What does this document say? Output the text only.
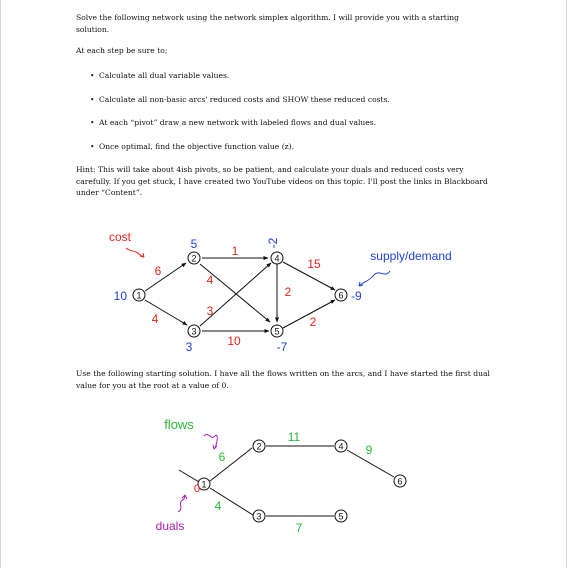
Solve the following network using the network simplex algorithm. I will provide you with a starting solution.

At each step be sure to;

• Calculate all dual variable values.
• Calculate all non-basic arcs' reduced costs and SHOW these reduced costs.
• At each “pivot” draw a new network with labeled flows and dual values.
• Once optimal, find the objective function value (z).

Hint: This will take about 4ish pivots, so be patient, and calculate your duals and reduced costs very carefully. If you get stuck, I have created two YouTube videos on this topic. I'll post the links in Blackboard under “Content”.

1
2
3
4
5
6
10
5
3
-2
-7
-9
6
4
1
4
3
10
2
15
2
cost
supply/demand

Use the following starting solution. I have all the flows written on the arcs, and I have started the first dual value for you at the root at a value of 0.

1
2
3
4
5
6
6
4
11
7
9
flows
0
duals
